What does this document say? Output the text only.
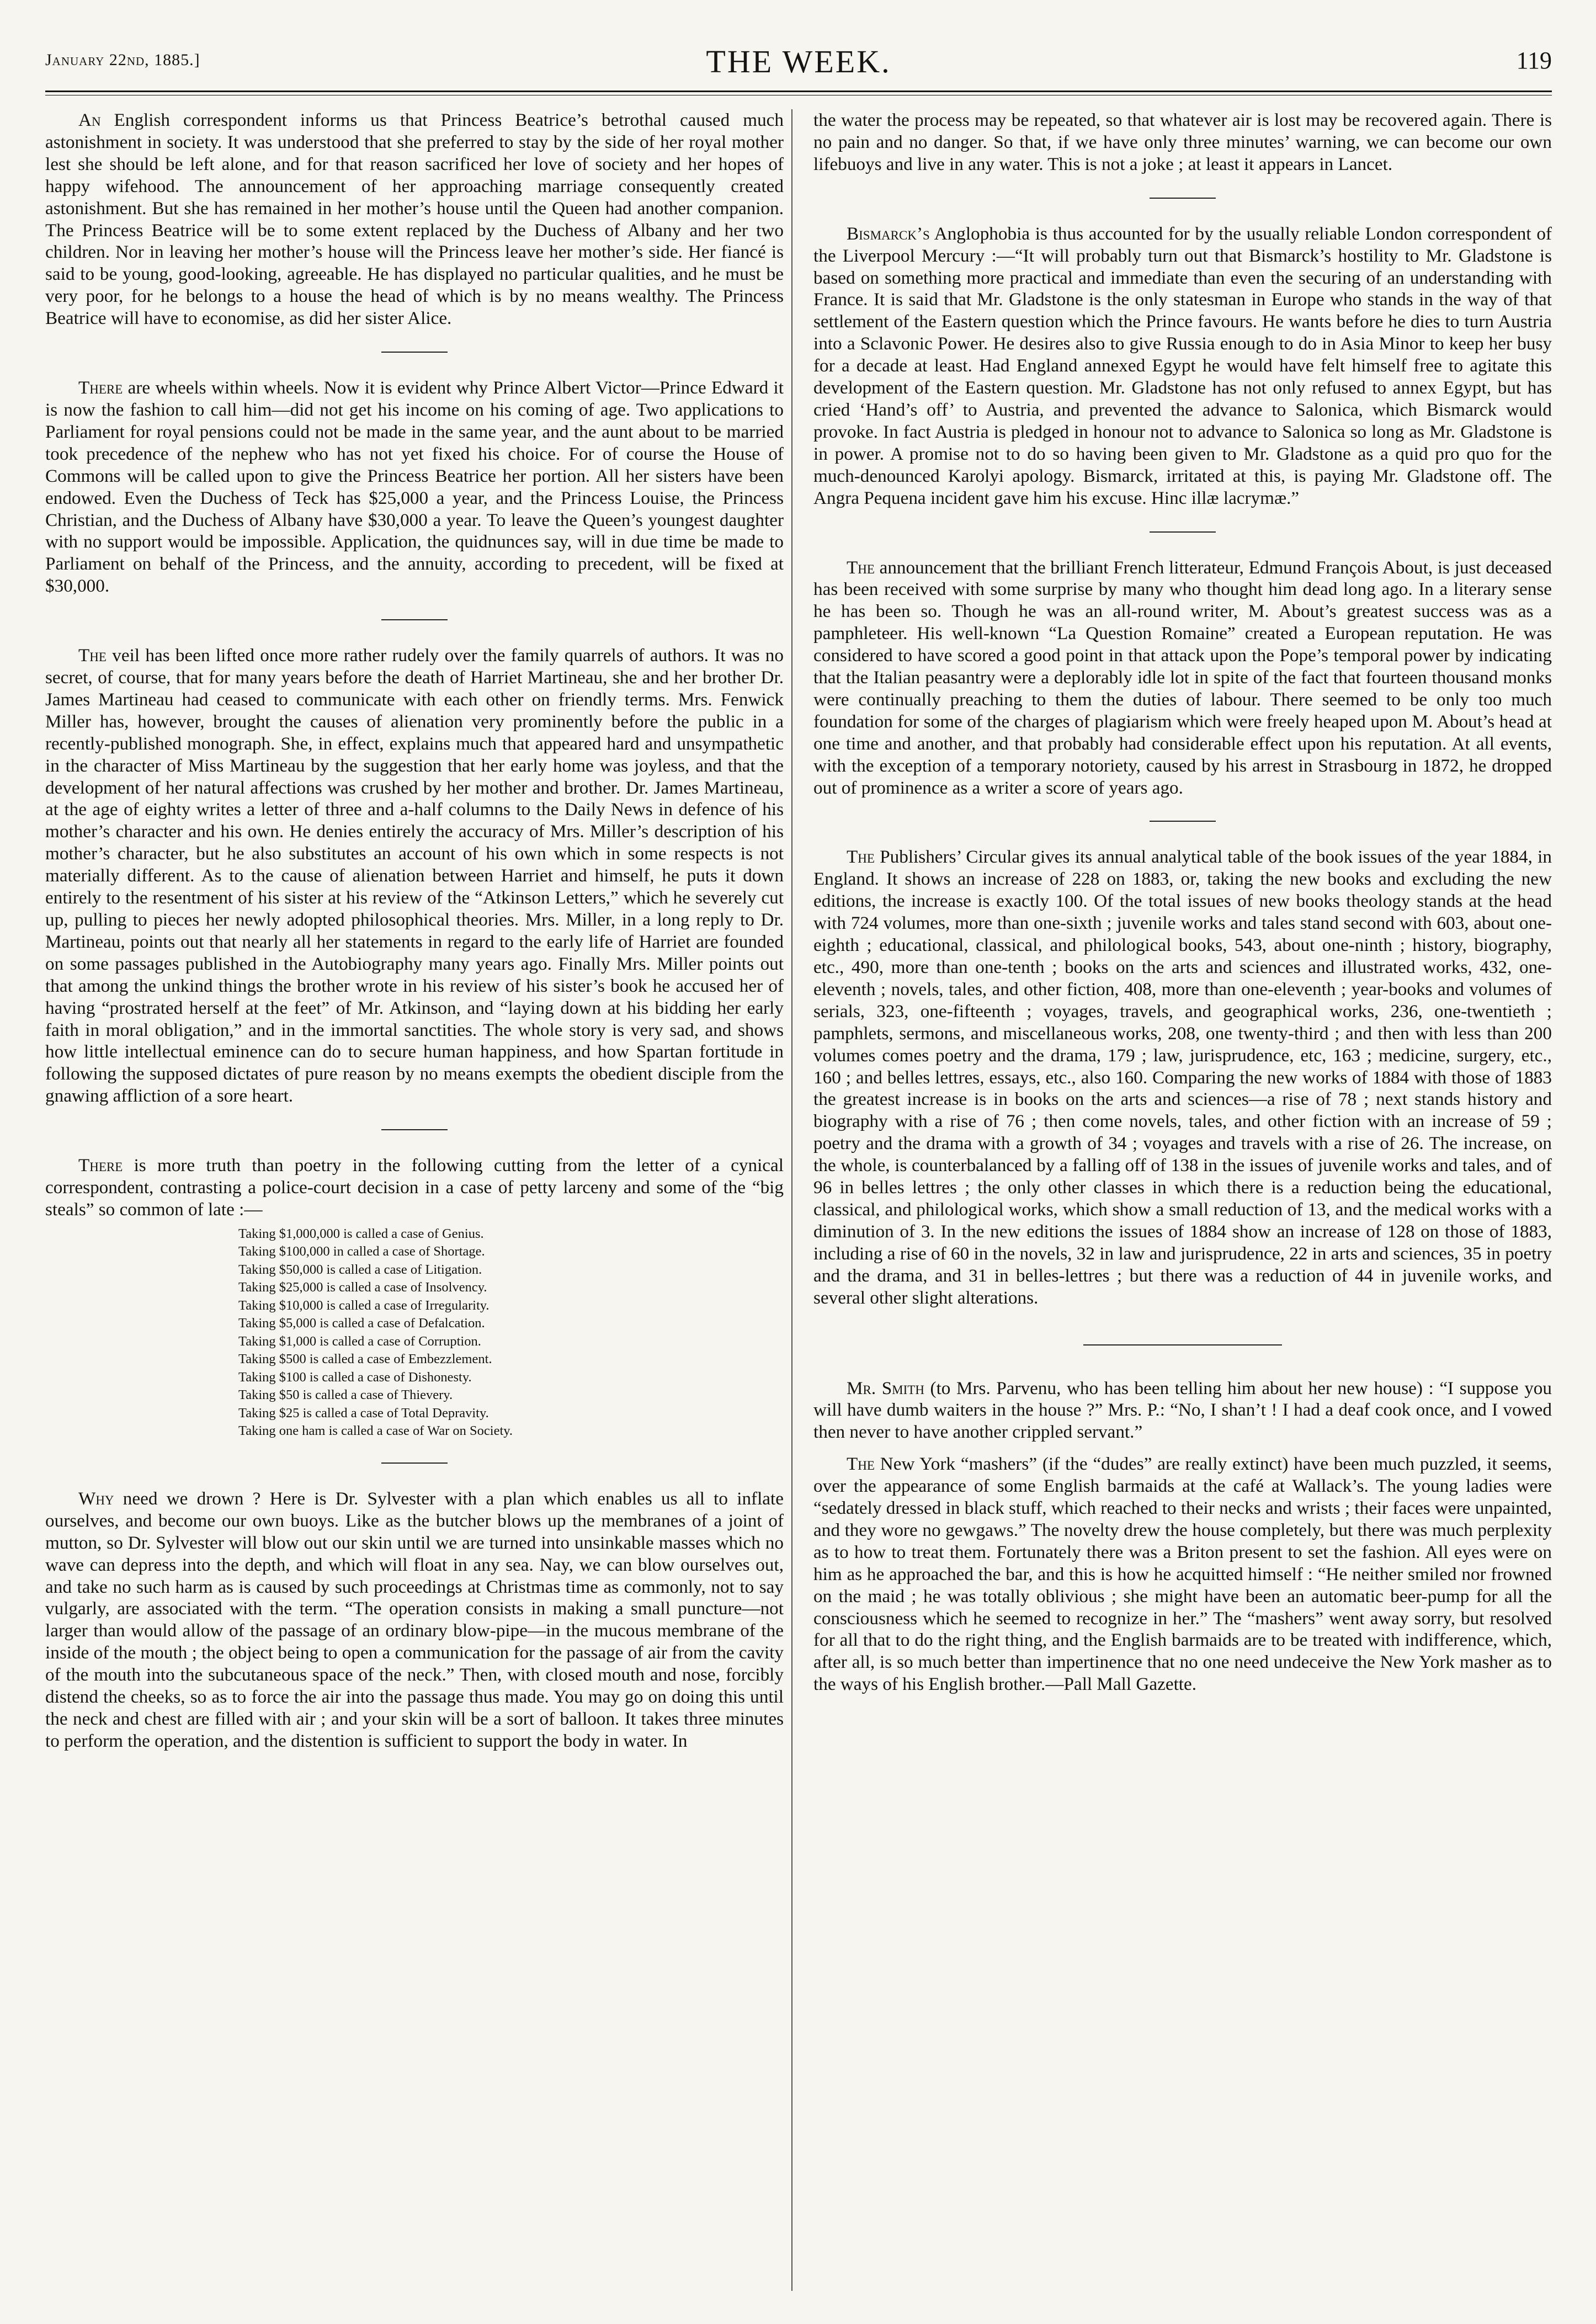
January 22nd, 1885.]	THE WEEK.	119

An English correspondent informs us that Princess Beatrice’s betrothal caused much astonishment in society. It was understood that she preferred to stay by the side of her royal mother lest she should be left alone, and for that reason sacrificed her love of society and her hopes of happy wifehood. The announcement of her approaching marriage consequently created astonishment. But she has remained in her mother’s house until the Queen had another companion. The Princess Beatrice will be to some extent replaced by the Duchess of Albany and her two children. Nor in leaving her mother’s house will the Princess leave her mother’s side. Her fiancé is said to be young, good-looking, agreeable. He has displayed no particular qualities, and he must be very poor, for he belongs to a house the head of which is by no means wealthy. The Princess Beatrice will have to economise, as did her sister Alice.

There are wheels within wheels. Now it is evident why Prince Albert Victor—Prince Edward it is now the fashion to call him—did not get his income on his coming of age. Two applications to Parliament for royal pensions could not be made in the same year, and the aunt about to be married took precedence of the nephew who has not yet fixed his choice. For of course the House of Commons will be called upon to give the Princess Beatrice her portion. All her sisters have been endowed. Even the Duchess of Teck has $25,000 a year, and the Princess Louise, the Princess Christian, and the Duchess of Albany have $30,000 a year. To leave the Queen’s youngest daughter with no support would be impossible. Application, the quidnunces say, will in due time be made to Parliament on behalf of the Princess, and the annuity, according to precedent, will be fixed at $30,000.

The veil has been lifted once more rather rudely over the family quarrels of authors. It was no secret, of course, that for many years before the death of Harriet Martineau, she and her brother Dr. James Martineau had ceased to communicate with each other on friendly terms. Mrs. Fenwick Miller has, however, brought the causes of alienation very prominently before the public in a recently-published monograph. She, in effect, explains much that appeared hard and unsympathetic in the character of Miss Martineau by the suggestion that her early home was joyless, and that the development of her natural affections was crushed by her mother and brother. Dr. James Martineau, at the age of eighty writes a letter of three and a-half columns to the Daily News in defence of his mother’s character and his own. He denies entirely the accuracy of Mrs. Miller’s description of his mother’s character, but he also substitutes an account of his own which in some respects is not materially different. As to the cause of alienation between Harriet and himself, he puts it down entirely to the resentment of his sister at his review of the “Atkinson Letters,” which he severely cut up, pulling to pieces her newly adopted philosophical theories. Mrs. Miller, in a long reply to Dr. Martineau, points out that nearly all her statements in regard to the early life of Harriet are founded on some passages published in the Autobiography many years ago. Finally Mrs. Miller points out that among the unkind things the brother wrote in his review of his sister’s book he accused her of having “prostrated herself at the feet” of Mr. Atkinson, and “laying down at his bidding her early faith in moral obligation,” and in the immortal sanctities. The whole story is very sad, and shows how little intellectual eminence can do to secure human happiness, and how Spartan fortitude in following the supposed dictates of pure reason by no means exempts the obedient disciple from the gnawing affliction of a sore heart.

There is more truth than poetry in the following cutting from the letter of a cynical correspondent, contrasting a police-court decision in a case of petty larceny and some of the “big steals” so common of late :—

Taking $1,000,000 is called a case of Genius.
Taking $100,000 in called a case of Shortage.
Taking $50,000 is called a case of Litigation.
Taking $25,000 is called a case of Insolvency.
Taking $10,000 is called a case of Irregularity.
Taking $5,000 is called a case of Defalcation.
Taking $1,000 is called a case of Corruption.
Taking $500 is called a case of Embezzlement.
Taking $100 is called a case of Dishonesty.
Taking $50 is called a case of Thievery.
Taking $25 is called a case of Total Depravity.
Taking one ham is called a case of War on Society.

Why need we drown ? Here is Dr. Sylvester with a plan which enables us all to inflate ourselves, and become our own buoys. Like as the butcher blows up the membranes of a joint of mutton, so Dr. Sylvester will blow out our skin until we are turned into unsinkable masses which no wave can depress into the depth, and which will float in any sea. Nay, we can blow ourselves out, and take no such harm as is caused by such proceedings at Christmas time as commonly, not to say vulgarly, are associated with the term. “The operation consists in making a small puncture—not larger than would allow of the passage of an ordinary blow-pipe—in the mucous membrane of the inside of the mouth ; the object being to open a communication for the passage of air from the cavity of the mouth into the subcutaneous space of the neck.” Then, with closed mouth and nose, forcibly distend the cheeks, so as to force the air into the passage thus made. You may go on doing this until the neck and chest are filled with air ; and your skin will be a sort of balloon. It takes three minutes to perform the operation, and the distention is sufficient to support the body in water. In

the water the process may be repeated, so that whatever air is lost may be recovered again. There is no pain and no danger. So that, if we have only three minutes’ warning, we can become our own lifebuoys and live in any water. This is not a joke ; at least it appears in Lancet.

Bismarck’s Anglophobia is thus accounted for by the usually reliable London correspondent of the Liverpool Mercury :—“It will probably turn out that Bismarck’s hostility to Mr. Gladstone is based on something more practical and immediate than even the securing of an understanding with France. It is said that Mr. Gladstone is the only statesman in Europe who stands in the way of that settlement of the Eastern question which the Prince favours. He wants before he dies to turn Austria into a Sclavonic Power. He desires also to give Russia enough to do in Asia Minor to keep her busy for a decade at least. Had England annexed Egypt he would have felt himself free to agitate this development of the Eastern question. Mr. Gladstone has not only refused to annex Egypt, but has cried ‘Hand’s off’ to Austria, and prevented the advance to Salonica, which Bismarck would provoke. In fact Austria is pledged in honour not to advance to Salonica so long as Mr. Gladstone is in power. A promise not to do so having been given to Mr. Gladstone as a quid pro quo for the much-denounced Karolyi apology. Bismarck, irritated at this, is paying Mr. Gladstone off. The Angra Pequena incident gave him his excuse. Hinc illæ lacrymæ.”

The announcement that the brilliant French litterateur, Edmund François About, is just deceased has been received with some surprise by many who thought him dead long ago. In a literary sense he has been so. Though he was an all-round writer, M. About’s greatest success was as a pamphleteer. His well-known “La Question Romaine” created a European reputation. He was considered to have scored a good point in that attack upon the Pope’s temporal power by indicating that the Italian peasantry were a deplorably idle lot in spite of the fact that fourteen thousand monks were continually preaching to them the duties of labour. There seemed to be only too much foundation for some of the charges of plagiarism which were freely heaped upon M. About’s head at one time and another, and that probably had considerable effect upon his reputation. At all events, with the exception of a temporary notoriety, caused by his arrest in Strasbourg in 1872, he dropped out of prominence as a writer a score of years ago.

The Publishers’ Circular gives its annual analytical table of the book issues of the year 1884, in England. It shows an increase of 228 on 1883, or, taking the new books and excluding the new editions, the increase is exactly 100. Of the total issues of new books theology stands at the head with 724 volumes, more than one-sixth ; juvenile works and tales stand second with 603, about one-eighth ; educational, classical, and philological books, 543, about one-ninth ; history, biography, etc., 490, more than one-tenth ; books on the arts and sciences and illustrated works, 432, one-eleventh ; novels, tales, and other fiction, 408, more than one-eleventh ; year-books and volumes of serials, 323, one-fifteenth ; voyages, travels, and geographical works, 236, one-twentieth ; pamphlets, sermons, and miscellaneous works, 208, one twenty-third ; and then with less than 200 volumes comes poetry and the drama, 179 ; law, jurisprudence, etc, 163 ; medicine, surgery, etc., 160 ; and belles lettres, essays, etc., also 160. Comparing the new works of 1884 with those of 1883 the greatest increase is in books on the arts and sciences—a rise of 78 ; next stands history and biography with a rise of 76 ; then come novels, tales, and other fiction with an increase of 59 ; poetry and the drama with a growth of 34 ; voyages and travels with a rise of 26. The increase, on the whole, is counterbalanced by a falling off of 138 in the issues of juvenile works and tales, and of 96 in belles lettres ; the only other classes in which there is a reduction being the educational, classical, and philological works, which show a small reduction of 13, and the medical works with a diminution of 3. In the new editions the issues of 1884 show an increase of 128 on those of 1883, including a rise of 60 in the novels, 32 in law and jurisprudence, 22 in arts and sciences, 35 in poetry and the drama, and 31 in belles-lettres ; but there was a reduction of 44 in juvenile works, and several other slight alterations.

Mr. Smith (to Mrs. Parvenu, who has been telling him about her new house) : “I suppose you will have dumb waiters in the house ?” Mrs. P.: “No, I shan’t ! I had a deaf cook once, and I vowed then never to have another crippled servant.”

The New York “mashers” (if the “dudes” are really extinct) have been much puzzled, it seems, over the appearance of some English barmaids at the café at Wallack’s. The young ladies were “sedately dressed in black stuff, which reached to their necks and wrists ; their faces were unpainted, and they wore no gewgaws.” The novelty drew the house completely, but there was much perplexity as to how to treat them. Fortunately there was a Briton present to set the fashion. All eyes were on him as he approached the bar, and this is how he acquitted himself : “He neither smiled nor frowned on the maid ; he was totally oblivious ; she might have been an automatic beer-pump for all the consciousness which he seemed to recognize in her.” The “mashers” went away sorry, but resolved for all that to do the right thing, and the English barmaids are to be treated with indifference, which, after all, is so much better than impertinence that no one need undeceive the New York masher as to the ways of his English brother.—Pall Mall Gazette.
